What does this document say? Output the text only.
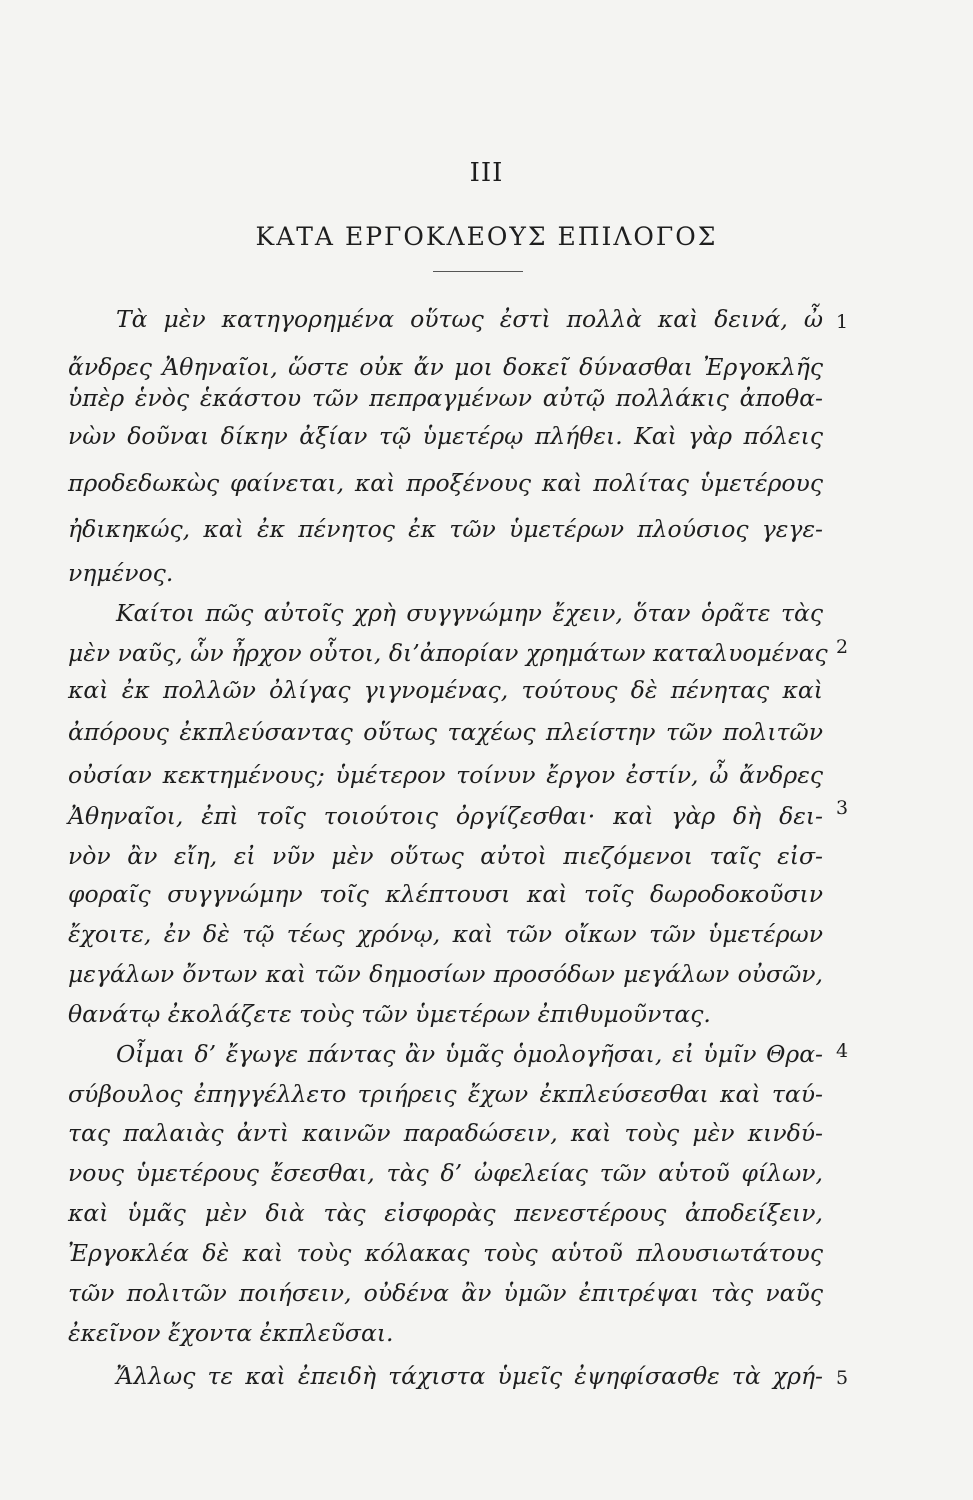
III
ΚΑΤΑ ΕΡΓΟΚΛΕΟΥΣ ΕΠΙΛΟΓΟΣ
Τὰ μὲν κατηγορημένα οὕτως ἐστὶ πολλὰ καὶ δεινά, ὦ
ἄνδρες Ἀθηναῖοι, ὥστε οὐκ ἄν μοι δοκεῖ δύνασθαι Ἐργοκλῆς
ὑπὲρ ἑνὸς ἑκάστου τῶν πεπραγμένων αὐτῷ πολλάκις ἀποθα-
νὼν δοῦναι δίκην ἀξίαν τῷ ὑμετέρῳ πλήθει. Καὶ γὰρ πόλεις
προδεδωκὼς φαίνεται, καὶ προξένους καὶ πολίτας ὑμετέρους
ἠδικηκώς, καὶ ἐκ πένητος ἐκ τῶν ὑμετέρων πλούσιος γεγε-
νημένος.
Καίτοι πῶς αὐτοῖς χρὴ συγγνώμην ἔχειν, ὅταν ὁρᾶτε τὰς
μὲν ναῦς, ὧν ἦρχον οὗτοι, δι’ἀπορίαν χρημάτων καταλυομένας
καὶ ἐκ πολλῶν ὀλίγας γιγνομένας, τούτους δὲ πένητας καὶ
ἀπόρους ἐκπλεύσαντας οὕτως ταχέως πλείστην τῶν πολιτῶν
οὐσίαν κεκτημένους; ὑμέτερον τοίνυν ἔργον ἐστίν, ὦ ἄνδρες
Ἀθηναῖοι, ἐπὶ τοῖς τοιούτοις ὀργίζεσθαι· καὶ γὰρ δὴ δει-
νὸν ἂν εἴη, εἰ νῦν μὲν οὕτως αὐτοὶ πιεζόμενοι ταῖς εἰσ-
φοραῖς συγγνώμην τοῖς κλέπτουσι καὶ τοῖς δωροδοκοῦσιν
ἔχοιτε, ἐν δὲ τῷ τέως χρόνῳ, καὶ τῶν οἴκων τῶν ὑμετέρων
μεγάλων ὄντων καὶ τῶν δημοσίων προσόδων μεγάλων οὐσῶν,
θανάτῳ ἐκολάζετε τοὺς τῶν ὑμετέρων ἐπιθυμοῦντας.
Οἶμαι δ’ ἔγωγε πάντας ἂν ὑμᾶς ὁμολογῆσαι, εἰ ὑμῖν Θρα-
σύβουλος ἐπηγγέλλετο τριήρεις ἔχων ἐκπλεύσεσθαι καὶ ταύ-
τας παλαιὰς ἀντὶ καινῶν παραδώσειν, καὶ τοὺς μὲν κινδύ-
νους ὑμετέρους ἔσεσθαι, τὰς δ’ ὠφελείας τῶν αὑτοῦ φίλων,
καὶ ὑμᾶς μὲν διὰ τὰς εἰσφορὰς πενεστέρους ἀποδείξειν,
Ἐργοκλέα δὲ καὶ τοὺς κόλακας τοὺς αὑτοῦ πλουσιωτάτους
τῶν πολιτῶν ποιήσειν, οὐδένα ἂν ὑμῶν ἐπιτρέψαι τὰς ναῦς
ἐκεῖνον ἔχοντα ἐκπλεῦσαι.
Ἄλλως τε καὶ ἐπειδὴ τάχιστα ὑμεῖς ἐψηφίσασθε τὰ χρή-
1
2
3
4
5
